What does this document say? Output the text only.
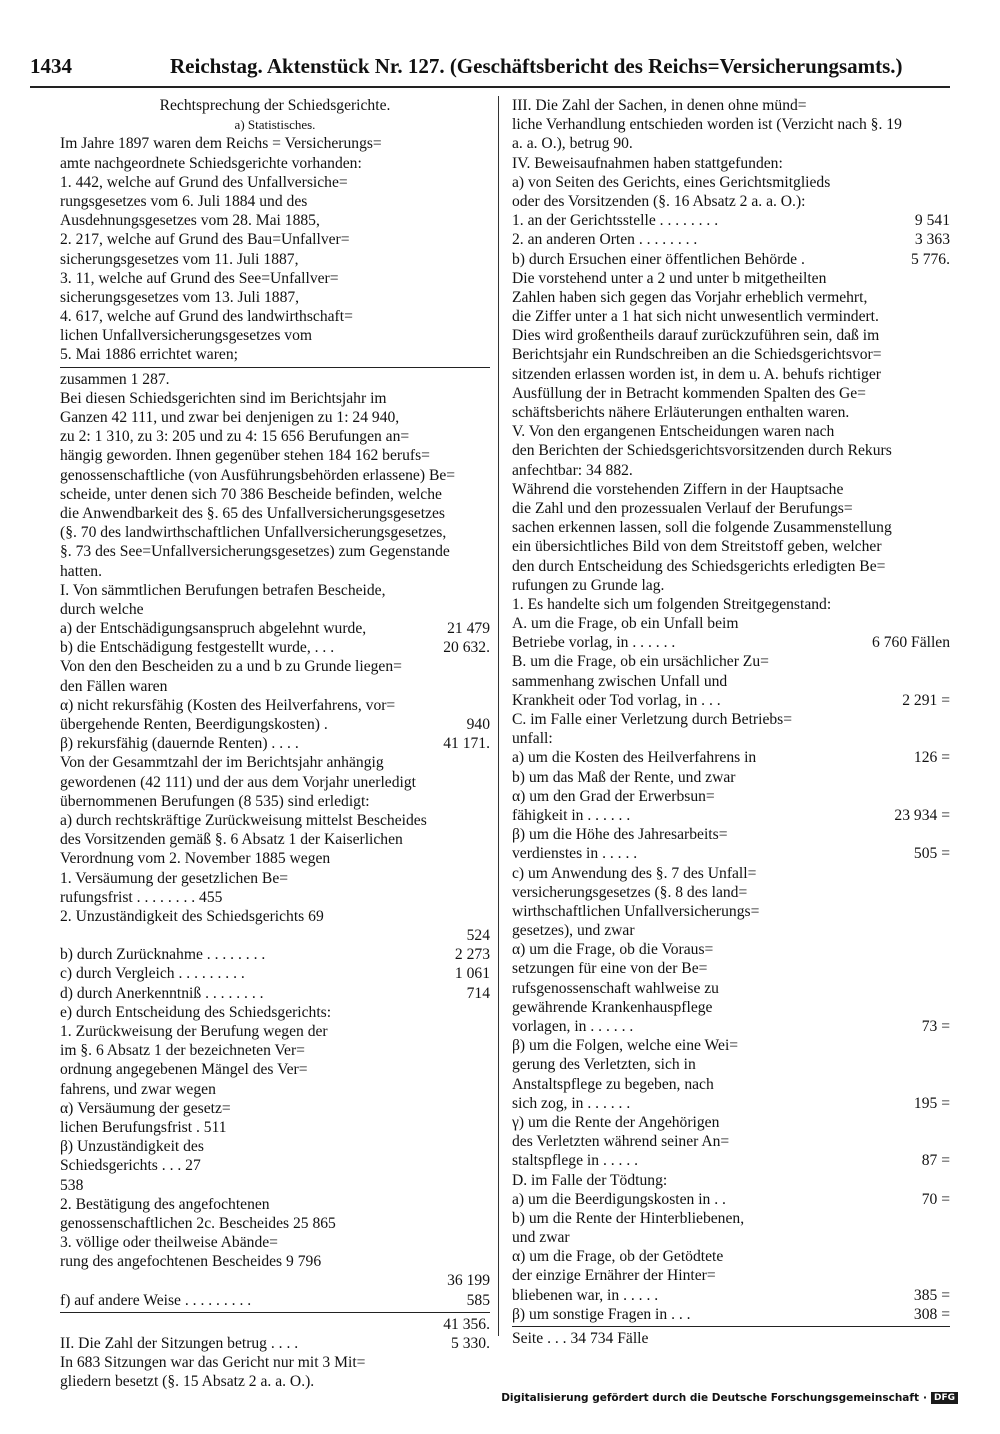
1434	Reichstag. Aktenstück Nr. 127. (Geschäftsbericht des Reichs=Versicherungsamts.)
Rechtsprechung der Schiedsgerichte.
a) Statistisches.
Im Jahre 1897 waren dem Reichs = Versicherungs=
amte nachgeordnete Schiedsgerichte vorhanden:
1. 442, welche auf Grund des Unfallversiche=
rungsgesetzes vom 6. Juli 1884 und des
Ausdehnungsgesetzes vom 28. Mai 1885,
2. 217, welche auf Grund des Bau=Unfallver=
sicherungsgesetzes vom 11. Juli 1887,
3. 11, welche auf Grund des See=Unfallver=
sicherungsgesetzes vom 13. Juli 1887,
4. 617, welche auf Grund des landwirthschaft=
lichen Unfallversicherungsgesetzes vom
5. Mai 1886 errichtet waren;
zusammen 1 287.
Bei diesen Schiedsgerichten sind im Berichtsjahr im
Ganzen 42 111, und zwar bei denjenigen zu 1: 24 940,
zu 2: 1 310, zu 3: 205 und zu 4: 15 656 Berufungen an=
hängig geworden. Ihnen gegenüber stehen 184 162 berufs=
genossenschaftliche (von Ausführungsbehörden erlassene) Be=
scheide, unter denen sich 70 386 Bescheide befinden, welche
die Anwendbarkeit des §. 65 des Unfallversicherungsgesetzes
(§. 70 des landwirthschaftlichen Unfallversicherungsgesetzes,
§. 73 des See=Unfallversicherungsgesetzes) zum Gegenstande
hatten.
I. Von sämmtlichen Berufungen betrafen Bescheide,
durch welche
a) der Entschädigungsanspruch abgelehnt wurde,	21 479
b) die Entschädigung festgestellt wurde, . . .	20 632.
Von den den Bescheiden zu a und b zu Grunde liegen=
den Fällen waren
α) nicht rekursfähig (Kosten des Heilverfahrens, vor=
übergehende Renten, Beerdigungskosten) .	940
β) rekursfähig (dauernde Renten) . . . .	41 171.
Von der Gesammtzahl der im Berichtsjahr anhängig
gewordenen (42 111) und der aus dem Vorjahr unerledigt
übernommenen Berufungen (8 535) sind erledigt:
a) durch rechtskräftige Zurückweisung mittelst Bescheides
des Vorsitzenden gemäß §. 6 Absatz 1 der Kaiserlichen
Verordnung vom 2. November 1885 wegen
1. Versäumung der gesetzlichen Be=
rufungsfrist . . . . . . . . 455
2. Unzuständigkeit des Schiedsgerichts 69
524
b) durch Zurücknahme . . . . . . . .	2 273
c) durch Vergleich . . . . . . . . .	1 061
d) durch Anerkenntniß . . . . . . . .	714
e) durch Entscheidung des Schiedsgerichts:
1. Zurückweisung der Berufung wegen der
im §. 6 Absatz 1 der bezeichneten Ver=
ordnung angegebenen Mängel des Ver=
fahrens, und zwar wegen
α) Versäumung der gesetz=
lichen Berufungsfrist . 511
β) Unzuständigkeit des
Schiedsgerichts . . . 27
538
2. Bestätigung des angefochtenen
genossenschaftlichen 2c. Bescheides 25 865
3. völlige oder theilweise Abände=
rung des angefochtenen Bescheides 9 796
36 199
f) auf andere Weise . . . . . . . . .	585
41 356.
II. Die Zahl der Sitzungen betrug . . . .	5 330.
In 683 Sitzungen war das Gericht nur mit 3 Mit=
gliedern besetzt (§. 15 Absatz 2 a. a. O.).
III. Die Zahl der Sachen, in denen ohne münd=
liche Verhandlung entschieden worden ist (Verzicht nach §. 19
a. a. O.), betrug 90.
IV. Beweisaufnahmen haben stattgefunden:
a) von Seiten des Gerichts, eines Gerichtsmitglieds
oder des Vorsitzenden (§. 16 Absatz 2 a. a. O.):
1. an der Gerichtsstelle . . . . . . . .	9 541
2. an anderen Orten . . . . . . . .	3 363
b) durch Ersuchen einer öffentlichen Behörde .	5 776.
Die vorstehend unter a 2 und unter b mitgetheilten
Zahlen haben sich gegen das Vorjahr erheblich vermehrt,
die Ziffer unter a 1 hat sich nicht unwesentlich vermindert.
Dies wird großentheils darauf zurückzuführen sein, daß im
Berichtsjahr ein Rundschreiben an die Schiedsgerichtsvor=
sitzenden erlassen worden ist, in dem u. A. behufs richtiger
Ausfüllung der in Betracht kommenden Spalten des Ge=
schäftsberichts nähere Erläuterungen enthalten waren.
V. Von den ergangenen Entscheidungen waren nach
den Berichten der Schiedsgerichtsvorsitzenden durch Rekurs
anfechtbar: 34 882.
Während die vorstehenden Ziffern in der Hauptsache
die Zahl und den prozessualen Verlauf der Berufungs=
sachen erkennen lassen, soll die folgende Zusammenstellung
ein übersichtliches Bild von dem Streitstoff geben, welcher
den durch Entscheidung des Schiedsgerichts erledigten Be=
rufungen zu Grunde lag.
1. Es handelte sich um folgenden Streitgegenstand:
A. um die Frage, ob ein Unfall beim
Betriebe vorlag, in . . . . . .	6 760 Fällen
B. um die Frage, ob ein ursächlicher Zu=
sammenhang zwischen Unfall und
Krankheit oder Tod vorlag, in . . .	2 291 =
C. im Falle einer Verletzung durch Betriebs=
unfall:
a) um die Kosten des Heilverfahrens in	126 =
b) um das Maß der Rente, und zwar
α) um den Grad der Erwerbsun=
fähigkeit in . . . . . .	23 934 =
β) um die Höhe des Jahresarbeits=
verdienstes in . . . . .	505 =
c) um Anwendung des §. 7 des Unfall=
versicherungsgesetzes (§. 8 des land=
wirthschaftlichen Unfallversicherungs=
gesetzes), und zwar
α) um die Frage, ob die Voraus=
setzungen für eine von der Be=
rufsgenossenschaft wahlweise zu
gewährende Krankenhauspflege
vorlagen, in . . . . . .	73 =
β) um die Folgen, welche eine Wei=
gerung des Verletzten, sich in
Anstaltspflege zu begeben, nach
sich zog, in . . . . . .	195 =
γ) um die Rente der Angehörigen
des Verletzten während seiner An=
staltspflege in . . . . .	87 =
D. im Falle der Tödtung:
a) um die Beerdigungskosten in . .	70 =
b) um die Rente der Hinterbliebenen,
und zwar
α) um die Frage, ob der Getödtete
der einzige Ernährer der Hinter=
bliebenen war, in . . . . .	385 =
β) um sonstige Fragen in . . .	308 =
Seite . . . 34 734 Fälle
Digitalisierung gefördert durch die Deutsche Forschungsgemeinschaft · DFG
